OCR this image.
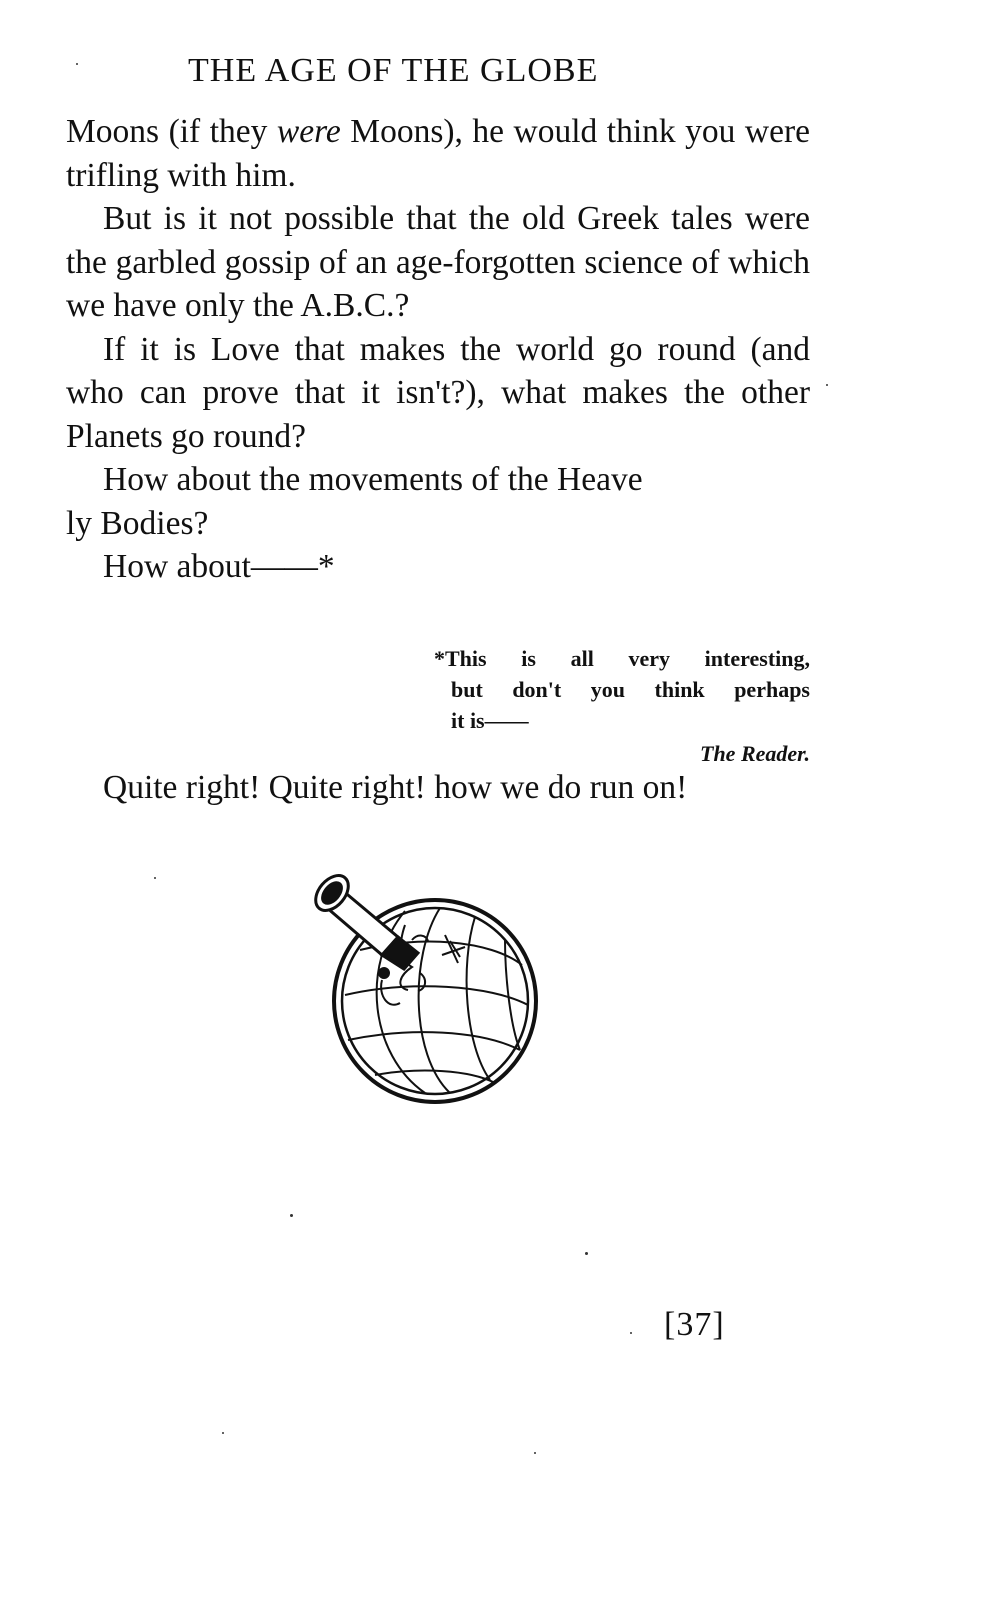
THE AGE OF THE GLOBE

Moons (if they were Moons), he would think you were trifling with him.

But is it not possible that the old Greek tales were the garbled gossip of an age-forgotten science of which we have only the A.B.C.?

If it is Love that makes the world go round (and who can prove that it isn't?), what makes the other Planets go round?

How about the movements of the Heave
ly Bodies?

How about——*

*This is all very interesting,
but don't you think perhaps
it is——
The Reader.

Quite right! Quite right! how we do run on!

[37]
